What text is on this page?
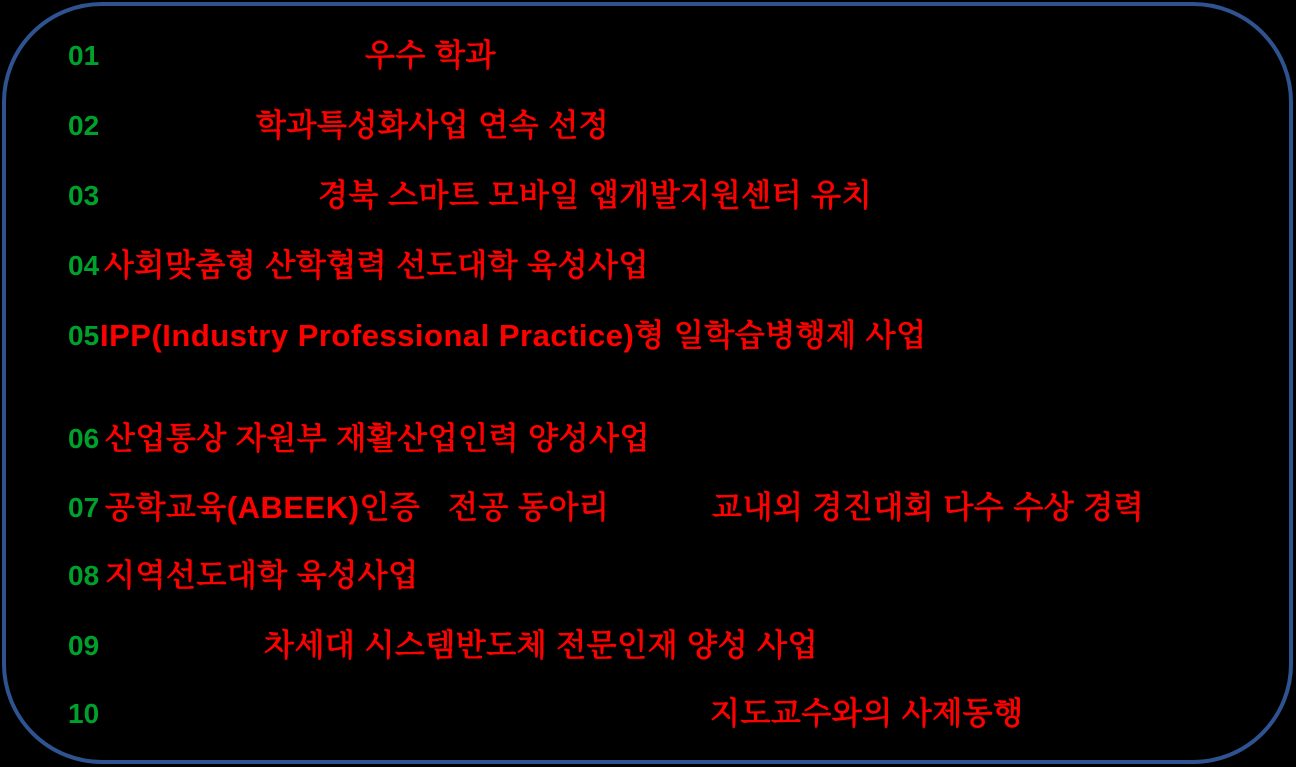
01	우수 학과
02	학과특성화사업 연속 선정
03	경북 스마트 모바일 앱개발지원센터 유치
04 사회맞춤형 산학협력 선도대학 육성사업
05 IPP(Industry Professional Practice)형 일학습병행제 사업
06 산업통상 자원부 재활산업인력 양성사업
07 공학교육(ABEEK)인증 전공 동아리	교내외 경진대회 다수 수상 경력
08 지역선도대학 육성사업
09	차세대 시스템반도체 전문인재 양성 사업
10	지도교수와의 사제동행
